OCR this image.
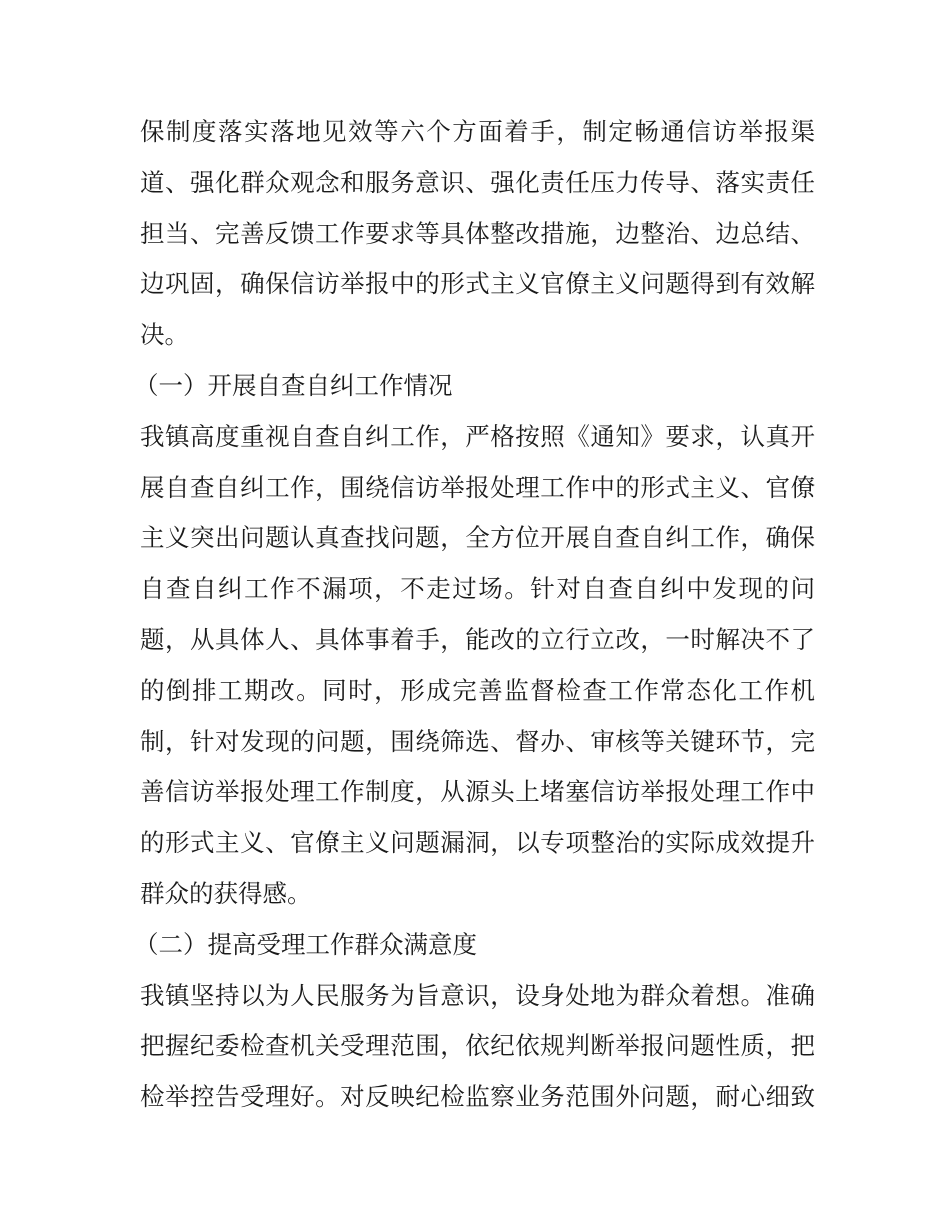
保制度落实落地见效等六个方面着手，制定畅通信访举报渠
道、强化群众观念和服务意识、强化责任压力传导、落实责任
担当、完善反馈工作要求等具体整改措施，边整治、边总结、
边巩固，确保信访举报中的形式主义官僚主义问题得到有效解
决。
（一）开展自查自纠工作情况
我镇高度重视自查自纠工作，严格按照《通知》要求，认真开
展自查自纠工作，围绕信访举报处理工作中的形式主义、官僚
主义突出问题认真查找问题，全方位开展自查自纠工作，确保
自查自纠工作不漏项，不走过场。针对自查自纠中发现的问
题，从具体人、具体事着手，能改的立行立改，一时解决不了
的倒排工期改。同时，形成完善监督检查工作常态化工作机
制，针对发现的问题，围绕筛选、督办、审核等关键环节，完
善信访举报处理工作制度，从源头上堵塞信访举报处理工作中
的形式主义、官僚主义问题漏洞，以专项整治的实际成效提升
群众的获得感。
（二）提高受理工作群众满意度
我镇坚持以为人民服务为旨意识，设身处地为群众着想。准确
把握纪委检查机关受理范围，依纪依规判断举报问题性质，把
检举控告受理好。对反映纪检监察业务范围外问题，耐心细致
